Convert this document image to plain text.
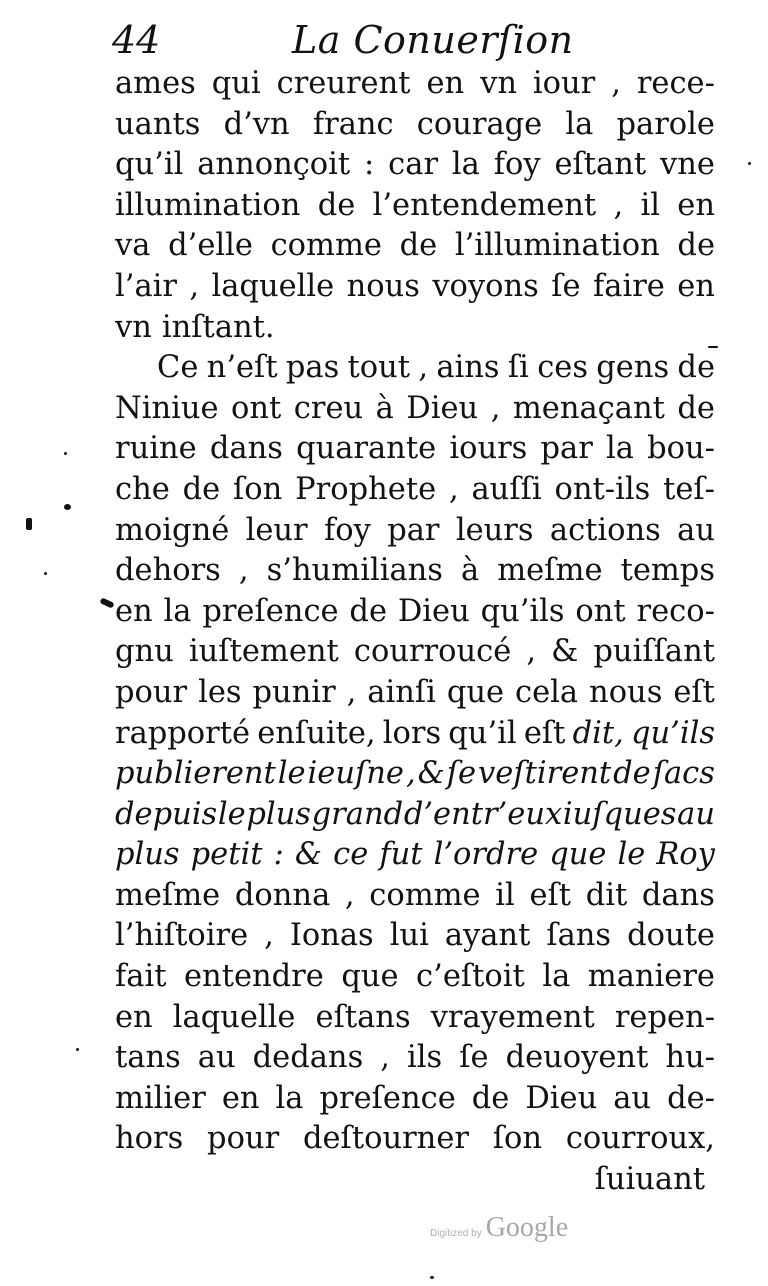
44	La Conuerſion
ames qui creurent en vn iour , rece-
uants d’vn franc courage la parole
qu’il annonçoit : car la foy eſtant vne
illumination de l’entendement , il en
va d’elle comme de l’illumination de
l’air , laquelle nous voyons ſe faire en
vn inſtant.
Ce n’eſt pas tout , ains ſi ces gens de
Niniue ont creu à Dieu , menaçant de
ruine dans quarante iours par la bou-
che de ſon Prophete , auſſi ont-ils teſ-
moigné leur foy par leurs actions au
dehors , s’humilians à meſme temps
en la preſence de Dieu qu’ils ont reco-
gnu iuſtement courroucé , & puiſſant
pour les punir , ainſi que cela nous eſt
rapporté enſuite, lors qu’il eſt dit, qu’ils
publierent le ieuſne , & ſe veſtirent de ſacs
depuis le plus grand d’entr’eux iuſques au
plus petit : & ce fut l’ordre que le Roy
meſme donna , comme il eſt dit dans
l’hiſtoire , Ionas lui ayant ſans doute
fait entendre que c’eſtoit la maniere
en laquelle eſtans vrayement repen-
tans au dedans , ils ſe deuoyent hu-
milier en la preſence de Dieu au de-
hors pour deſtourner ſon courroux,
ſuiuant
Digitized by Google
